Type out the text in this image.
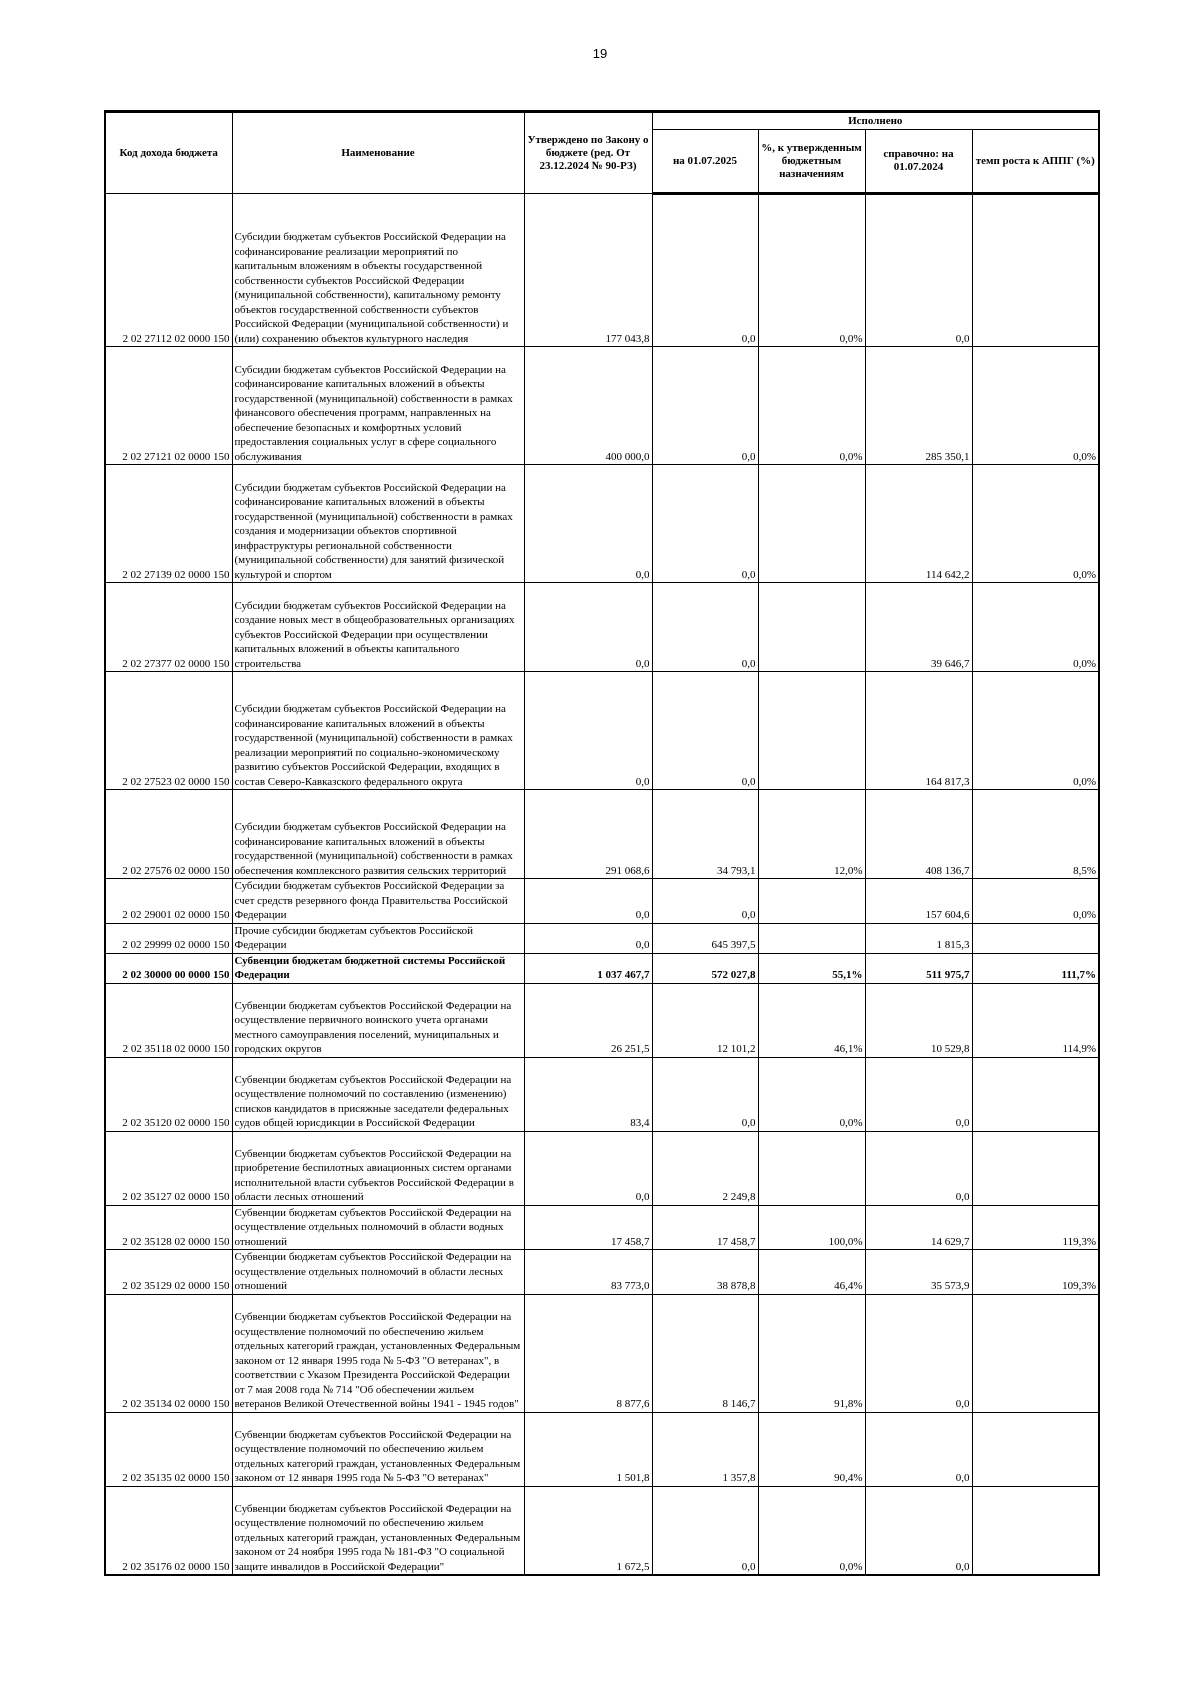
19
Код дохода бюджета	Наименование	Утверждено по Закону о бюджете (ред. От 23.12.2024 № 90-РЗ)	Исполнено			
			на 01.07.2025	%, к утвержденным бюджетным назначениям	справочно: на 01.07.2024	темп роста к АППГ (%)
2 02 27112 02 0000 150	Субсидии бюджетам субъектов Российской Федерации на софинансирование реализации мероприятий по капитальным вложениям в объекты государственной собственности субъектов Российской Федерации (муниципальной собственности), капитальному ремонту объектов государственной собственности субъектов Российской Федерации (муниципальной собственности) и (или) сохранению объектов культурного наследия	177 043,8	0,0	0,0%	0,0	
2 02 27121 02 0000 150	Субсидии бюджетам субъектов Российской Федерации на софинансирование капитальных вложений в объекты государственной (муниципальной) собственности в рамках финансового обеспечения программ, направленных на обеспечение безопасных и комфортных условий предоставления социальных услуг в сфере социального обслуживания	400 000,0	0,0	0,0%	285 350,1	0,0%
2 02 27139 02 0000 150	Субсидии бюджетам субъектов Российской Федерации на софинансирование капитальных вложений в объекты государственной (муниципальной) собственности в рамках создания и модернизации объектов спортивной инфраструктуры региональной собственности (муниципальной собственности) для занятий физической культурой и спортом	0,0	0,0		114 642,2	0,0%
2 02 27377 02 0000 150	Субсидии бюджетам субъектов Российской Федерации на создание новых мест в общеобразовательных организациях субъектов Российской Федерации при осуществлении капитальных вложений в объекты капитального строительства	0,0	0,0		39 646,7	0,0%
2 02 27523 02 0000 150	Субсидии бюджетам субъектов Российской Федерации на софинансирование капитальных вложений в объекты государственной (муниципальной) собственности в рамках реализации мероприятий по социально-экономическому развитию субъектов Российской Федерации, входящих в состав Северо-Кавказского федерального округа	0,0	0,0		164 817,3	0,0%
2 02 27576 02 0000 150	Субсидии бюджетам субъектов Российской Федерации на софинансирование капитальных вложений в объекты государственной (муниципальной) собственности в рамках обеспечения комплексного развития сельских территорий	291 068,6	34 793,1	12,0%	408 136,7	8,5%
2 02 29001 02 0000 150	Субсидии бюджетам субъектов Российской Федерации за счет средств резервного фонда Правительства Российской Федерации	0,0	0,0		157 604,6	0,0%
2 02 29999 02 0000 150	Прочие субсидии бюджетам субъектов Российской Федерации	0,0	645 397,5		1 815,3	
2 02 30000 00 0000 150	Субвенции бюджетам бюджетной системы Российской Федерации	1 037 467,7	572 027,8	55,1%	511 975,7	111,7%
2 02 35118 02 0000 150	Субвенции бюджетам субъектов Российской Федерации на осуществление первичного воинского учета органами местного самоуправления поселений, муниципальных и городских округов	26 251,5	12 101,2	46,1%	10 529,8	114,9%
2 02 35120 02 0000 150	Субвенции бюджетам субъектов Российской Федерации на осуществление полномочий по составлению (изменению) списков кандидатов в присяжные заседатели федеральных судов общей юрисдикции в Российской Федерации	83,4	0,0	0,0%	0,0	
2 02 35127 02 0000 150	Субвенции бюджетам субъектов Российской Федерации на приобретение беспилотных авиационных систем органами исполнительной власти субъектов Российской Федерации в области лесных отношений	0,0	2 249,8		0,0	
2 02 35128 02 0000 150	Субвенции бюджетам субъектов Российской Федерации на осуществление отдельных полномочий в области водных отношений	17 458,7	17 458,7	100,0%	14 629,7	119,3%
2 02 35129 02 0000 150	Субвенции бюджетам субъектов Российской Федерации на осуществление отдельных полномочий в области лесных отношений	83 773,0	38 878,8	46,4%	35 573,9	109,3%
2 02 35134 02 0000 150	Субвенции бюджетам субъектов Российской Федерации на осуществление полномочий по обеспечению жильем отдельных категорий граждан, установленных Федеральным законом от 12 января 1995 года № 5-ФЗ "О ветеранах", в соответствии с Указом Президента Российской Федерации от 7 мая 2008 года № 714 "Об обеспечении жильем ветеранов Великой Отечественной войны 1941 - 1945 годов"	8 877,6	8 146,7	91,8%	0,0	
2 02 35135 02 0000 150	Субвенции бюджетам субъектов Российской Федерации на осуществление полномочий по обеспечению жильем отдельных категорий граждан, установленных Федеральным законом от 12 января 1995 года № 5-ФЗ "О ветеранах"	1 501,8	1 357,8	90,4%	0,0	
2 02 35176 02 0000 150	Субвенции бюджетам субъектов Российской Федерации на осуществление полномочий по обеспечению жильем отдельных категорий граждан, установленных Федеральным законом от 24 ноября 1995 года № 181-ФЗ "О социальной защите инвалидов в Российской Федерации"	1 672,5	0,0	0,0%	0,0	
